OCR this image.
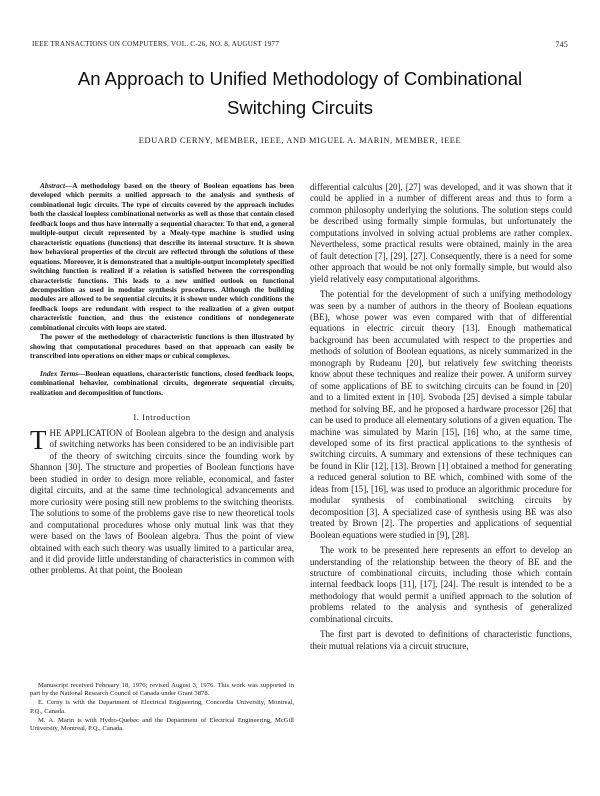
IEEE TRANSACTIONS ON COMPUTERS, VOL. C-26, NO. 8, AUGUST 1977	745
An Approach to Unified Methodology of Combinational
Switching Circuits
EDUARD CERNY, MEMBER, IEEE, AND MIGUEL A. MARIN, MEMBER, IEEE

Abstract—A methodology based on the theory of Boolean equations has been developed which permits a unified approach to the analysis and synthesis of combinational logic circuits. The type of circuits covered by the approach includes both the classical loopless combinational networks as well as those that contain closed feedback loops and thus have internally a sequential character. To that end, a general multiple-output circuit represented by a Mealy-type machine is studied using characteristic equations (functions) that describe its internal structure. It is shown how behavioral properties of the circuit are reflected through the solutions of these equations. Moreover, it is demonstrated that a multiple-output incompletely specified switching function is realized if a relation is satisfied between the corresponding characteristic functions. This leads to a new unified outlook on functional decomposition as used in modular synthesis procedures. Although the building modules are allowed to be sequential circuits, it is shown under which conditions the feedback loops are redundant with respect to the realization of a given output characteristic function, and thus the existence conditions of nondegenerate combinational circuits with loops are stated.

The power of the methodology of characteristic functions is then illustrated by showing that computational procedures based on that approach can easily be transcribed into operations on either maps or cubical complexes.

Index Terms—Boolean equations, characteristic functions, closed feedback loops, combinational behavior, combinational circuits, degenerate sequential circuits, realization and decomposition of functions.

I. Introduction

THE APPLICATION of Boolean algebra to the design and analysis of switching networks has been considered to be an indivisible part of the theory of switching circuits since the founding work by Shannon [30]. The structure and properties of Boolean functions have been studied in order to design more reliable, economical, and faster digital circuits, and at the same time technological advancements and more curiosity were posing still new problems to the switching theorists. The solutions to some of the problems gave rise to new theoretical tools and computational procedures whose only mutual link was that they were based on the laws of Boolean algebra. Thus the point of view obtained with each such theory was usually limited to a particular area, and it did provide little understanding of characteristics in common with other problems. At that point, the Boolean

Manuscript received February 18, 1976; revised August 3, 1976. This work was supported in part by the National Research Council of Canada under Grant 3878.

E. Cerny is with the Department of Electrical Engineering, Concordia University, Montreal, P.Q., Canada.

M. A. Marin is with Hydro-Quebec and the Department of Electrical Engineering, McGill University, Montreal, P.Q., Canada.

differential calculus [20], [27] was developed, and it was shown that it could be applied in a number of different areas and thus to form a common philosophy underlying the solutions. The solution steps could be described using formally simple formulas, but unfortunately the computations involved in solving actual problems are rather complex. Nevertheless, some practical results were obtained, mainly in the area of fault detection [7], [29], [27]. Consequently, there is a need for some other approach that would be not only formally simple, but would also yield relatively easy computational algorithms.

The potential for the development of such a unifying methodology was seen by a number of authors in the theory of Boolean equations (BE), whose power was even compared with that of differential equations in electric circuit theory [13]. Enough mathematical background has been accumulated with respect to the properties and methods of solution of Boolean equations, as nicely summarized in the monograph by Rudeanu [20], but relatively few switching theorists know about these techniques and realize their power. A uniform survey of some applications of BE to switching circuits can be found in [20] and to a limited extent in [10]. Svoboda [25] devised a simple tabular method for solving BE, and he proposed a hardware processor [26] that can be used to produce all elementary solutions of a given equation. The machine was simulated by Marin [15], [16] who, at the same time, developed some of its first practical applications to the synthesis of switching circuits. A summary and extensions of these techniques can be found in Klir [12], [13]. Brown [1] obtained a method for generating a reduced general solution to BE which, combined with some of the ideas from [15], [16], was used to produce an algorithmic procedure for modular synthesis of combinational switching circuits by decomposition [3]. A specialized case of synthesis using BE was also treated by Brown [2]. The properties and applications of sequential Boolean equations were studied in [9], [28].

The work to be presented here represents an effort to develop an understanding of the relationship between the theory of BE and the structure of combinational circuits, including those which contain internal feedback loops [11], [17], [24]. The result is intended to be a methodology that would permit a unified approach to the solution of problems related to the analysis and synthesis of generalized combinational circuits.

The first part is devoted to definitions of characteristic functions, their mutual relations via a circuit structure,
